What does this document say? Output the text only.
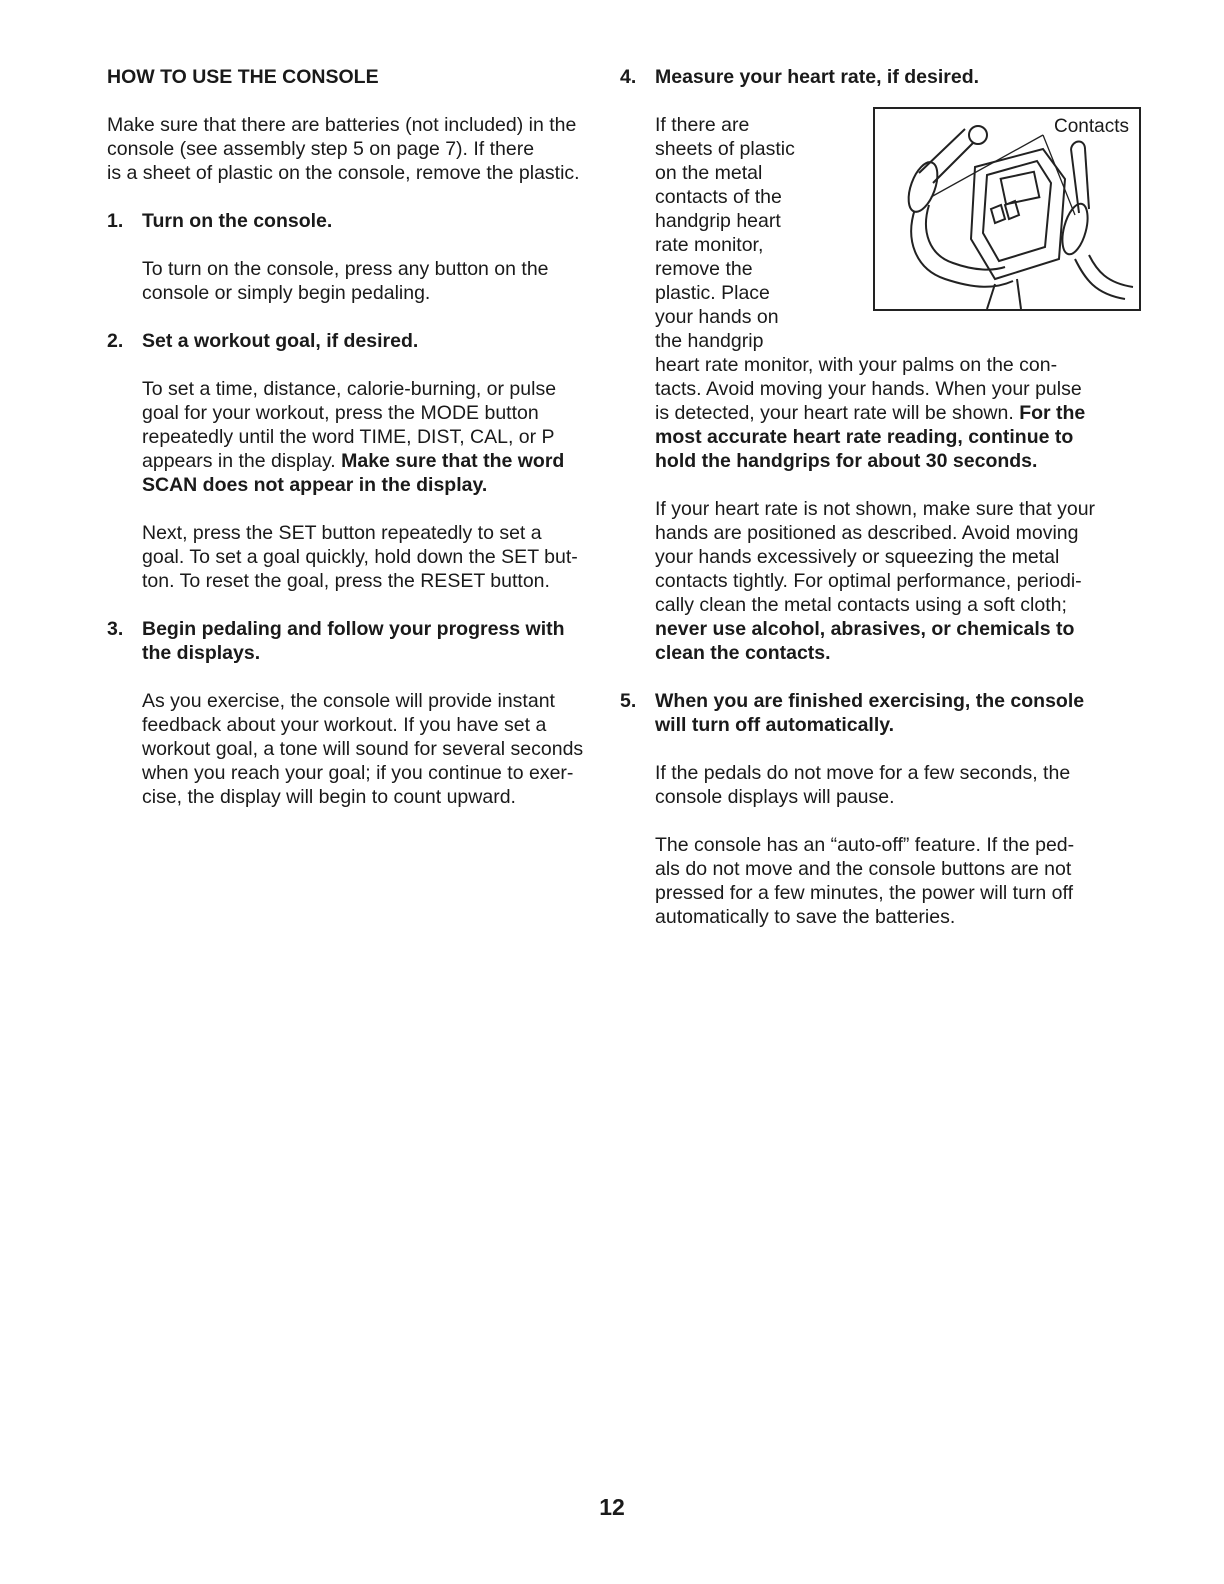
HOW TO USE THE CONSOLE

Make sure that there are batteries (not included) in the
console (see assembly step 5 on page 7). If there
is a sheet of plastic on the console, remove the plastic.

1. Turn on the console.

To turn on the console, press any button on the
console or simply begin pedaling.

2. Set a workout goal, if desired.

To set a time, distance, calorie-burning, or pulse
goal for your workout, press the MODE button
repeatedly until the word TIME, DIST, CAL, or P
appears in the display. Make sure that the word
SCAN does not appear in the display.

Next, press the SET button repeatedly to set a
goal. To set a goal quickly, hold down the SET but-
ton. To reset the goal, press the RESET button.

3. Begin pedaling and follow your progress with
the displays.

As you exercise, the console will provide instant
feedback about your workout. If you have set a
workout goal, a tone will sound for several seconds
when you reach your goal; if you continue to exer-
cise, the display will begin to count upward.

4. Measure your heart rate, if desired.
If there are
sheets of plastic
on the metal
contacts of the
handgrip heart
rate monitor,
remove the
plastic. Place
your hands on
the handgrip
Contacts
heart rate monitor, with your palms on the con-
tacts. Avoid moving your hands. When your pulse
is detected, your heart rate will be shown. For the
most accurate heart rate reading, continue to
hold the handgrips for about 30 seconds.

If your heart rate is not shown, make sure that your
hands are positioned as described. Avoid moving
your hands excessively or squeezing the metal
contacts tightly. For optimal performance, periodi-
cally clean the metal contacts using a soft cloth;
never use alcohol, abrasives, or chemicals to
clean the contacts.

5. When you are finished exercising, the console
will turn off automatically.

If the pedals do not move for a few seconds, the
console displays will pause.

The console has an “auto-off” feature. If the ped-
als do not move and the console buttons are not
pressed for a few minutes, the power will turn off
automatically to save the batteries.

12
